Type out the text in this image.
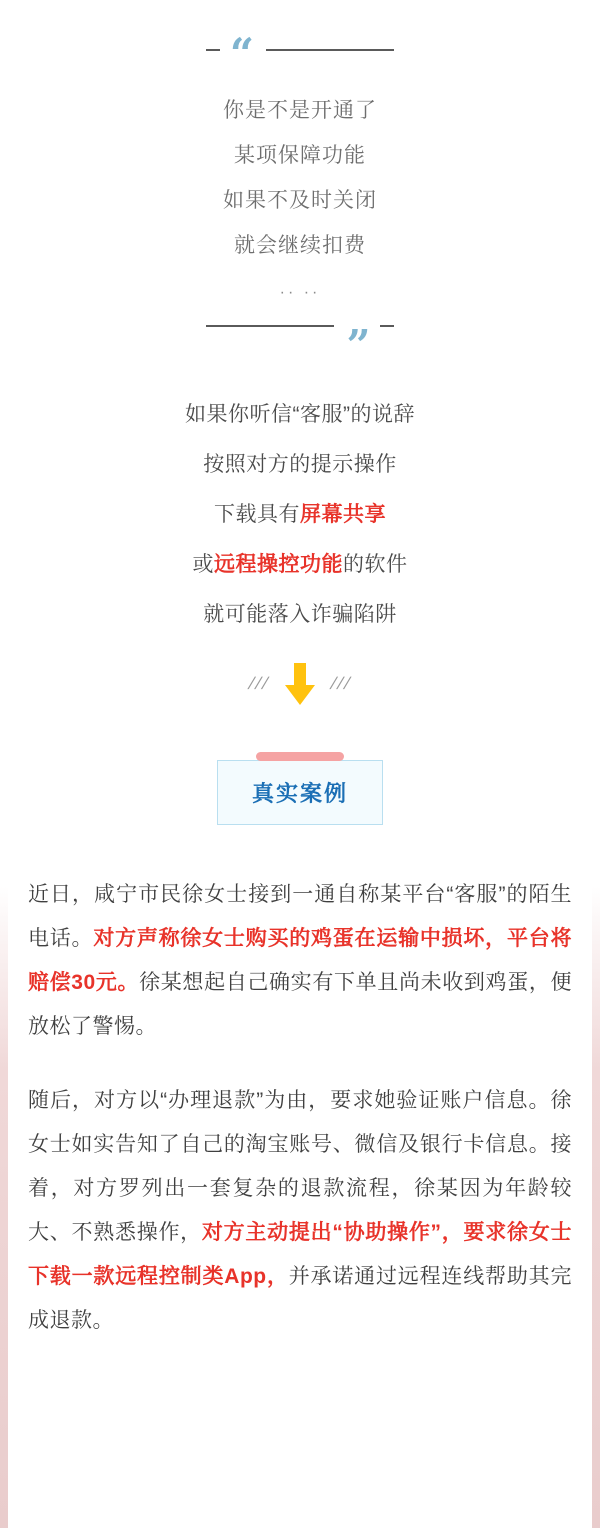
“

你是不是开通了

某项保障功能

如果不及时关闭

就会继续扣费

·· ··
“

如果你听信“客服”的说辞

按照对方的提示操作

下载具有屏幕共享

或远程操控功能的软件

就可能落入诈骗陷阱

///	///
真实案例

近日，咸宁市民徐女士接到一通自称某平台“客服”的陌生电话。对方声称徐女士购买的鸡蛋在运输中损坏，平台将赔偿30元。徐某想起自己确实有下单且尚未收到鸡蛋，便放松了警惕。

随后，对方以“办理退款”为由，要求她验证账户信息。徐女士如实告知了自己的淘宝账号、微信及银行卡信息。接着，对方罗列出一套复杂的退款流程，徐某因为年龄较大、不熟悉操作，对方主动提出“协助操作”，要求徐女士下载一款远程控制类App，并承诺通过远程连线帮助其完成退款。
